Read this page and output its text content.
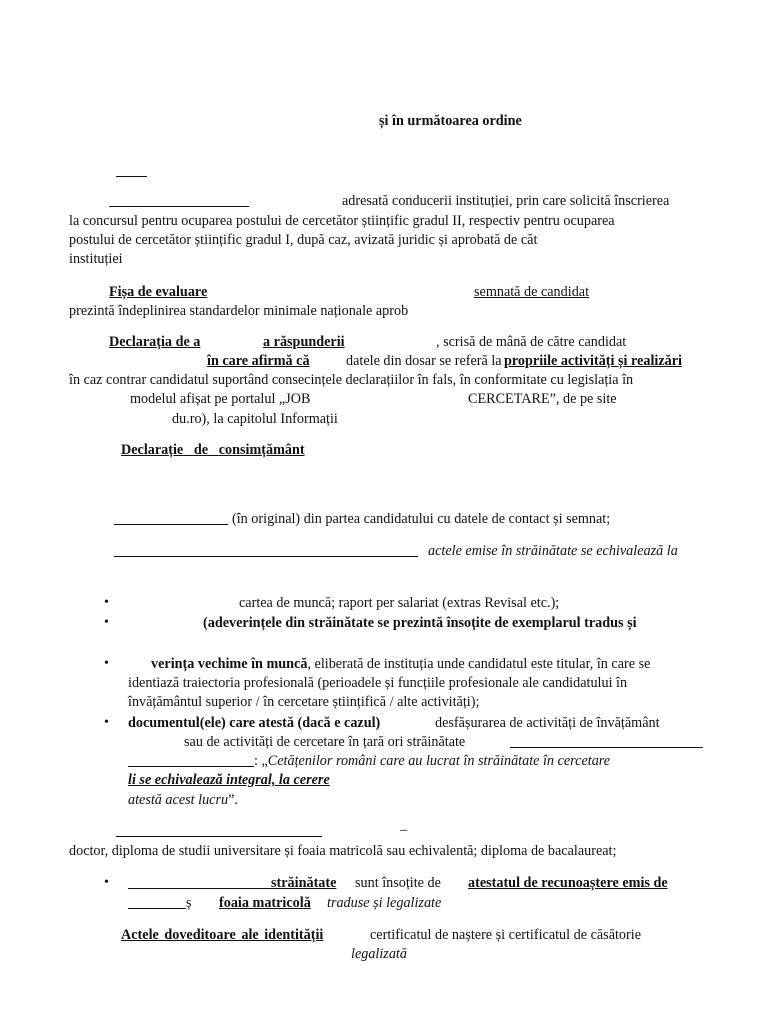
și în următoarea ordine
adresată conducerii instituției, prin care solicită înscrierea
la concursul pentru ocuparea postului de cercetător științific gradul II, respectiv pentru ocuparea
postului de cercetător științific gradul I, după caz, avizată juridic și aprobată de căt
instituției
Fișa de evaluare	semnată de candidat
prezintă îndeplinirea standardelor minimale naționale aprob
Declarația de a	a răspunderii	, scrisă de mână de către candidat
în care afirmă că	datele din dosar se referă la propriile activități și realizări
în caz contrar candidatul suportând consecințele declarațiilor în fals, în conformitate cu legislația în
modelul afișat pe portalul „JOB	CERCETARE”, de pe site
du.ro), la capitolul Informații
Declarație de consimțământ
(în original) din partea candidatului cu datele de contact și semnat;
actele emise în străinătate se echivalează la
•	cartea de muncă; raport per salariat (extras Revisal etc.);
•	(adeverințele din străinătate se prezintă însoțite de exemplarul tradus și
•	verința vechime în muncă, eliberată de instituția unde candidatul este titular, în care se
identiază traiectoria profesională (perioadele și funcțiile profesionale ale candidatului în
învățământul superior / în cercetare științifică / alte activități);
• documentul(ele) care atestă (dacă e cazul)	desfășurarea de activități de învățământ
sau de activități de cercetare în țară ori străinătate
: „Cetățenilor români care au lucrat în străinătate în cercetare
li se echivalează integral, la cerere
atestă acest lucru”.
–
doctor, diploma de studii universitare și foaia matricolă sau echivalentă; diploma de bacalaureat;
•	străinătate sunt însoțite de atestatul de recunoaștere emis de
ș foaia matricolă traduse și legalizate
Actele doveditoare ale identității	certificatul de naștere și certificatul de căsătorie
legalizată
